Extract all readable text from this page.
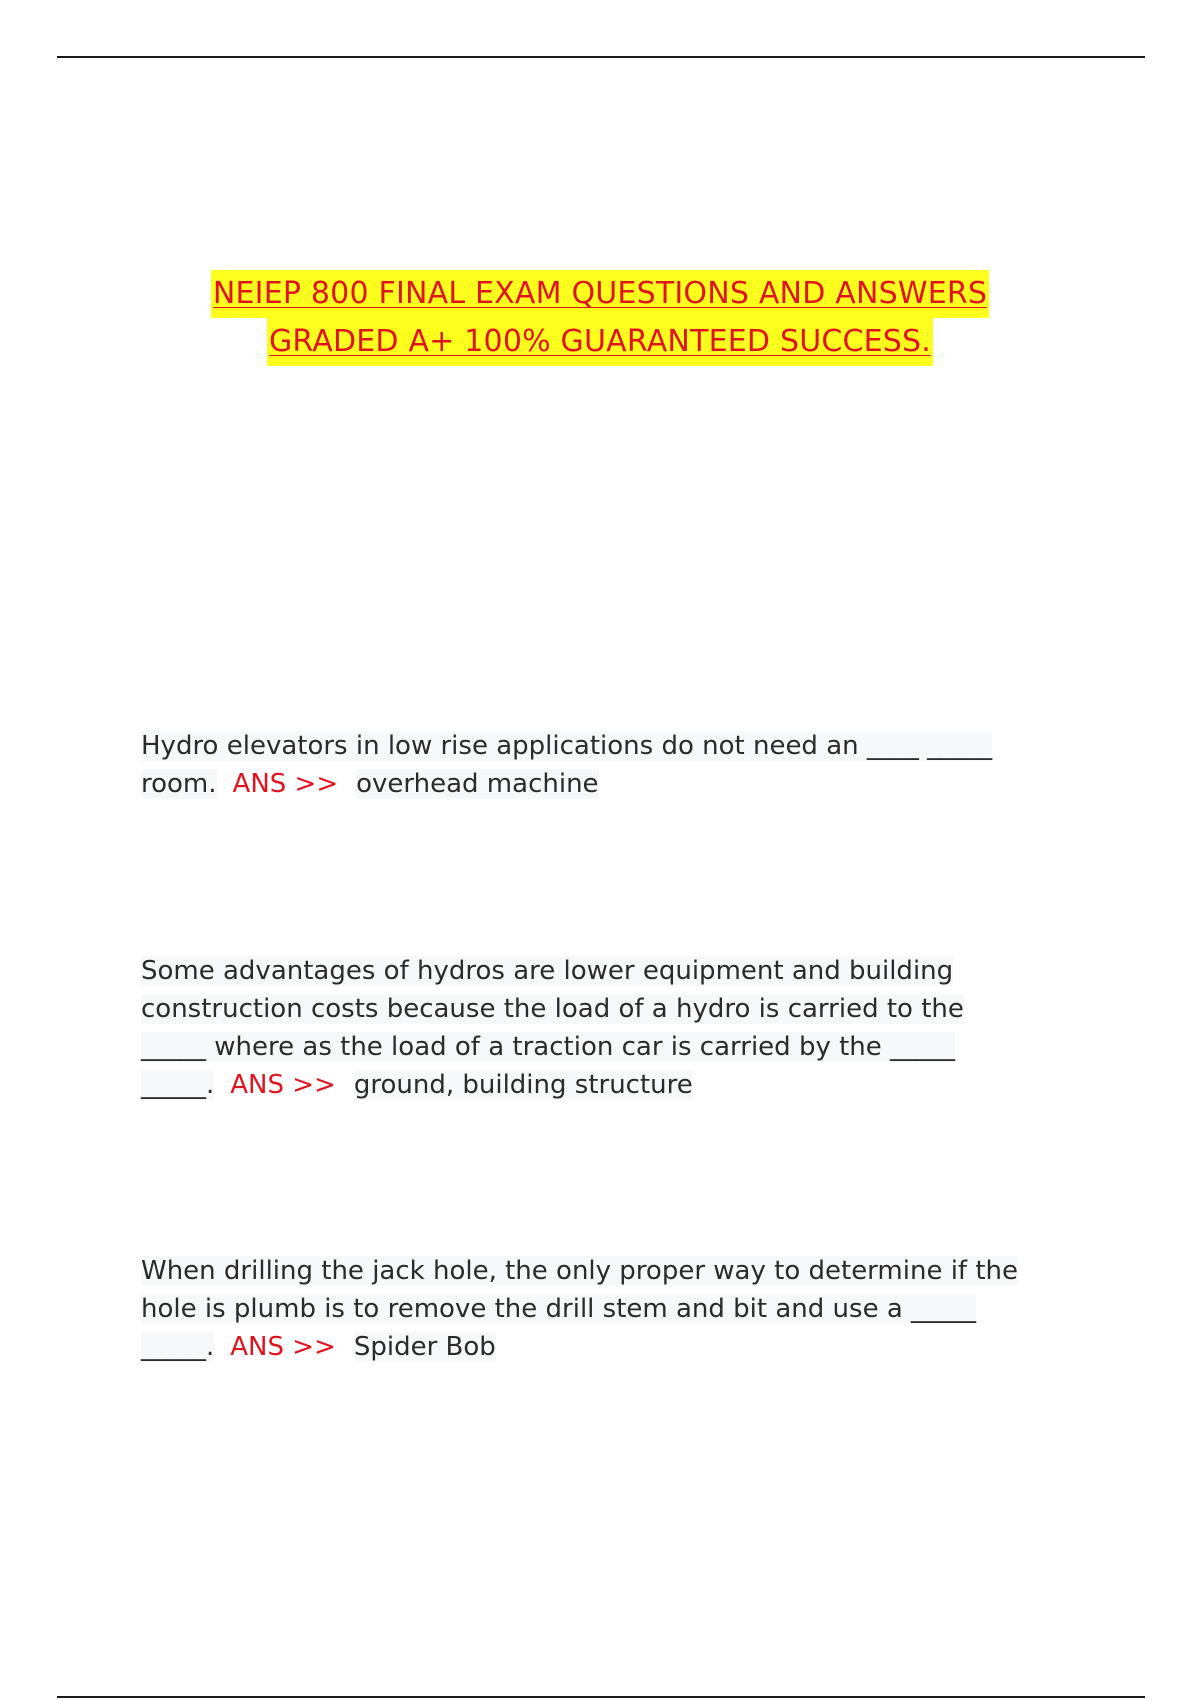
NEIEP 800 FINAL EXAM QUESTIONS AND ANSWERS
GRADED A+ 100% GUARANTEED SUCCESS.
Hydro elevators in low rise applications do not need an ____ _____ room. ANS >> overhead machine
Some advantages of hydros are lower equipment and building construction costs because the load of a hydro is carried to the _____ where as the load of a traction car is carried by the _____ _____. ANS >> ground, building structure
When drilling the jack hole, the only proper way to determine if the hole is plumb is to remove the drill stem and bit and use a _____ _____. ANS >> Spider Bob
